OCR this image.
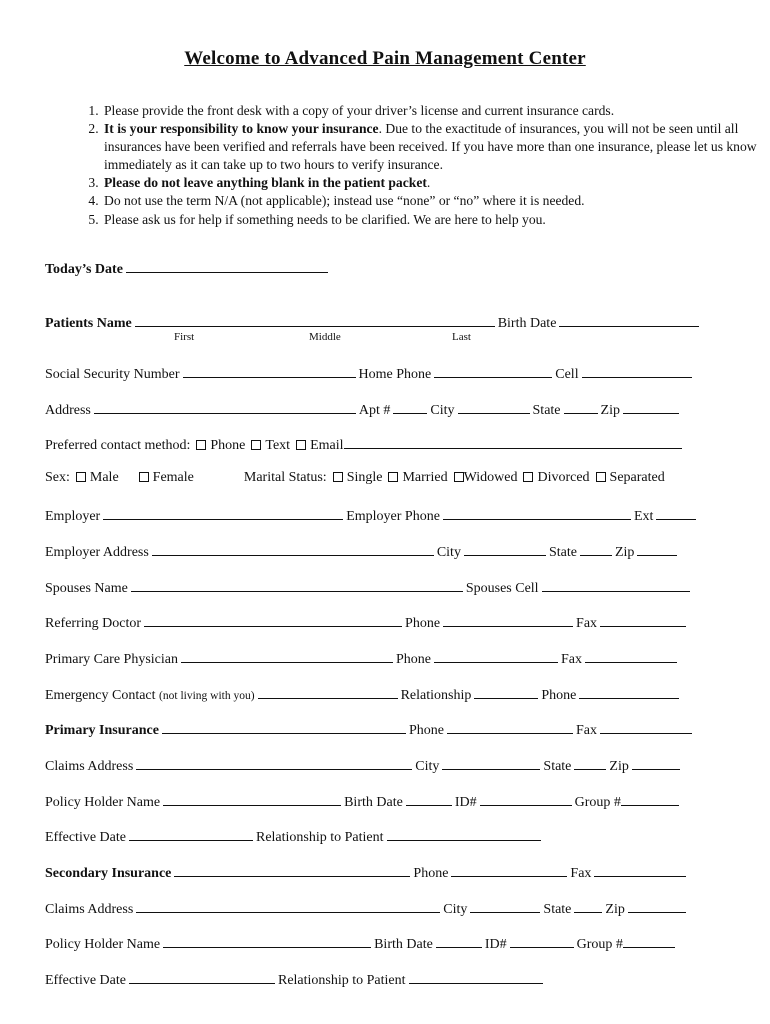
Welcome to Advanced Pain Management Center
1. Please provide the front desk with a copy of your driver’s license and current insurance cards.
2. It is your responsibility to know your insurance. Due to the exactitude of insurances, you will not be seen until all insurances have been verified and referrals have been received. If you have more than one insurance, please let us know immediately as it can take up to two hours to verify insurance.
3. Please do not leave anything blank in the patient packet.
4. Do not use the term N/A (not applicable); instead use “none” or “no” where it is needed.
5. Please ask us for help if something needs to be clarified. We are here to help you.
Today’s Date
Patients Name	Birth Date
First	Middle	Last
Social Security Number	Home Phone	Cell
Address	Apt #	City	State	Zip
Preferred contact method: Phone Text Email
Sex: Male Female	Marital Status: Single Married Widowed Divorced Separated
Employer	Employer Phone	Ext
Employer Address	City	State	Zip
Spouses Name	Spouses Cell
Referring Doctor	Phone	Fax
Primary Care Physician	Phone	Fax
Emergency Contact (not living with you)	Relationship	Phone
Primary Insurance	Phone	Fax
Claims Address	City	State	Zip
Policy Holder Name	Birth Date	ID#	Group #
Effective Date	Relationship to Patient
Secondary Insurance	Phone	Fax
Claims Address	City	State Zip
Policy Holder Name	Birth Date	ID#	Group #
Effective Date	Relationship to Patient
